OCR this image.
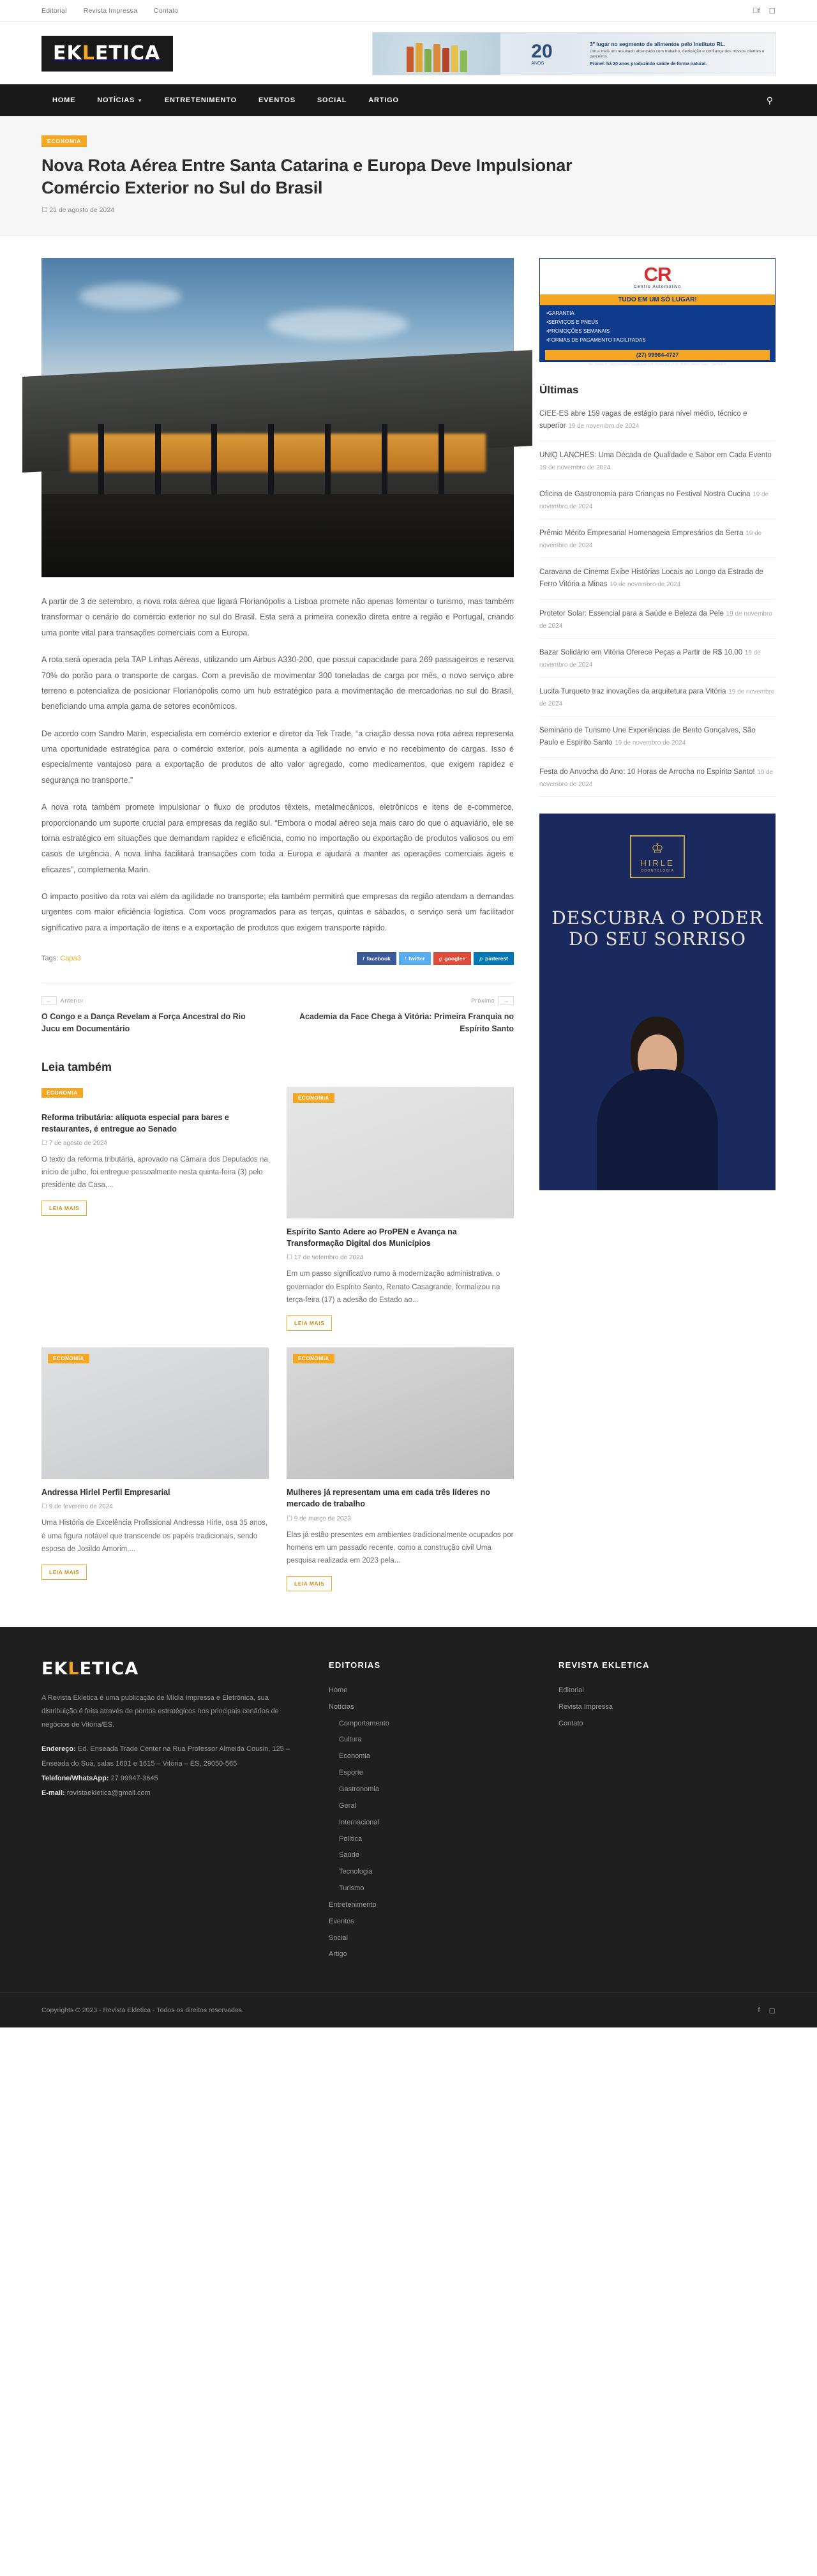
Editorial Revista Impressa Contato	f ▢
EKLETICA	20
ANOS
3º lugar no segmento de alimentos pelo Instituto RL.
Um a mais um resultado alcançado com trabalho, dedicação e confiança dos nossos clientes e parceiros.
Pronel: há 20 anos produzindo saúde de forma natural.
HOME	NOTÍCIAS ▼	ENTRETENIMENTO	EVENTOS	SOCIAL	ARTIGO	⚲
ECONOMIA
Nova Rota Aérea Entre Santa Catarina e Europa Deve Impulsionar Comércio Exterior no Sul do Brasil
☐ 21 de agosto de 2024

A partir de 3 de setembro, a nova rota aérea que ligará Florianópolis a Lisboa promete não apenas fomentar o turismo, mas também transformar o cenário do comércio exterior no sul do Brasil. Esta será a primeira conexão direta entre a região e Portugal, criando uma ponte vital para transações comerciais com a Europa.

A rota será operada pela TAP Linhas Aéreas, utilizando um Airbus A330-200, que possui capacidade para 269 passageiros e reserva 70% do porão para o transporte de cargas. Com a previsão de movimentar 300 toneladas de carga por mês, o novo serviço abre terreno e potencializa de posicionar Florianópolis como um hub estratégico para a movimentação de mercadorias no sul do Brasil, beneficiando uma ampla gama de setores econômicos.

De acordo com Sandro Marin, especialista em comércio exterior e diretor da Tek Trade, “a criação dessa nova rota aérea representa uma oportunidade estratégica para o comércio exterior, pois aumenta a agilidade no envio e no recebimento de cargas. Isso é especialmente vantajoso para a exportação de produtos de alto valor agregado, como medicamentos, que exigem rapidez e segurança no transporte.”

A nova rota também promete impulsionar o fluxo de produtos têxteis, metalmecânicos, eletrônicos e itens de e-commerce, proporcionando um suporte crucial para empresas da região sul. “Embora o modal aéreo seja mais caro do que o aquaviário, ele se torna estratégico em situações que demandam rapidez e eficiência, como no importação ou exportação de produtos valiosos ou em casos de urgência. A nova linha facilitará transações com toda a Europa e ajudará a manter as operações comerciais ágeis e eficazes”, complementa Marin.

O impacto positivo da rota vai além da agilidade no transporte; ela também permitirá que empresas da região atendam a demandas urgentes com maior eficiência logística. Com voos programados para as terças, quintas e sábados, o serviço será um facilitador significativo para a importação de itens e a exportação de produtos que exigem transporte rápido.

Tags: Capa3	f facebook	t twitter	g google+	p pinterest
← Anterior
O Congo e a Dança Revelam a Força Ancestral do Rio Jucu em Documentário
Próximo →
Academia da Face Chega à Vitória: Primeira Franquia no Espírito Santo
Leia também
ECONOMIA
Reforma tributária: alíquota especial para bares e restaurantes, é entregue ao Senado
☐ 7 de agosto de 2024
O texto da reforma tributária, aprovado na Câmara dos Deputados na início de julho, foi entregue pessoalmente nesta quinta-feira (3) pelo presidente da Casa,...
LEIA MAIS
ECONOMIA
Espírito Santo Adere ao ProPEN e Avança na Transformação Digital dos Municípios
☐ 17 de setembro de 2024
Em um passo significativo rumo à modernização administrativa, o governador do Espírito Santo, Renato Casagrande, formalizou na terça-feira (17) a adesão do Estado ao...
LEIA MAIS
ECONOMIA
Andressa Hirlel Perfil Empresarial
☐ 9 de fevereiro de 2024
Uma História de Excelência Profissional Andressa Hirle, osa 35 anos, é uma figura notável que transcende os papéis tradicionais, sendo esposa de Josildo Amorim,...
LEIA MAIS
ECONOMIA
Mulheres já representam uma em cada três líderes no mercado de trabalho
☐ 9 de março de 2023
Elas já estão presentes em ambientes tradicionalmente ocupados por homens em um passado recente, como a construção civil Uma pesquisa realizada em 2023 pela...
LEIA MAIS
CR
Centro Automotivo
TUDO EM UM SÓ LUGAR!
•GARANTIA
•SERVIÇOS E PNEUS
•PROMOÇÕES SEMANAIS
•FORMAS DE PAGAMENTO FACILITADAS
(27) 99964-4727
Av. Jones S. Vasconcellos Quadrante L/A, Parte Sul nº 82, B/Bl Lorena Clare - Serra/ES
Últimas
CIEE-ES abre 159 vagas de estágio para nível médio, técnico e superior 19 de novembro de 2024
UNIQ LANCHES: Uma Década de Qualidade e Sabor em Cada Evento 19 de novembro de 2024
Oficina de Gastronomia para Crianças no Festival Nostra Cucina 19 de novembro de 2024
Prêmio Mérito Empresarial Homenageia Empresários da Serra 19 de novembro de 2024
Caravana de Cinema Exibe Histórias Locais ao Longo da Estrada de Ferro Vitória a Minas 19 de novembro de 2024
Protetor Solar: Essencial para a Saúde e Beleza da Pele 19 de novembro de 2024
Bazar Solidário em Vitória Oferece Peças a Partir de R$ 10,00 19 de novembro de 2024
Lucita Turqueto traz inovações da arquitetura para Vitória 19 de novembro de 2024
Seminário de Turismo Une Experiências de Bento Gonçalves, São Paulo e Espírito Santo 19 de novembro de 2024
Festa do Anvocha do Ano: 10 Horas de Arrocha no Espírito Santo! 19 de novembro de 2024
♔
HIRLE
ODONTOLOGIA
DESCUBRA O PODER DO SEU SORRISO
EKLETICA
A Revista Ekletica é uma publicação de Mídia Impressa e Eletrônica, sua distribuição é feita através de pontos estratégicos nos principais cenários de negócios de Vitória/ES.
Endereço: Ed. Enseada Trade Center na Rua Professor Almeida Cousin, 125 – Enseada do Suá, salas 1601 e 1615 – Vitória – ES, 29050-565
Telefone/WhatsApp: 27 99947-3645
E-mail: revistaekletica@gmail.com
EDITORIAS
Home
Notícias
Comportamento
Cultura
Economia
Esporte
Gastronomia
Geral
Internacional
Política
Saúde
Tecnologia
Turismo
Entretenimento
Eventos
Social
Artigo
REVISTA EKLETICA
Editorial
Revista Impressa
Contato
Copyrights © 2023 - Revista Ekletica - Todos os direitos reservados.	f ▢
